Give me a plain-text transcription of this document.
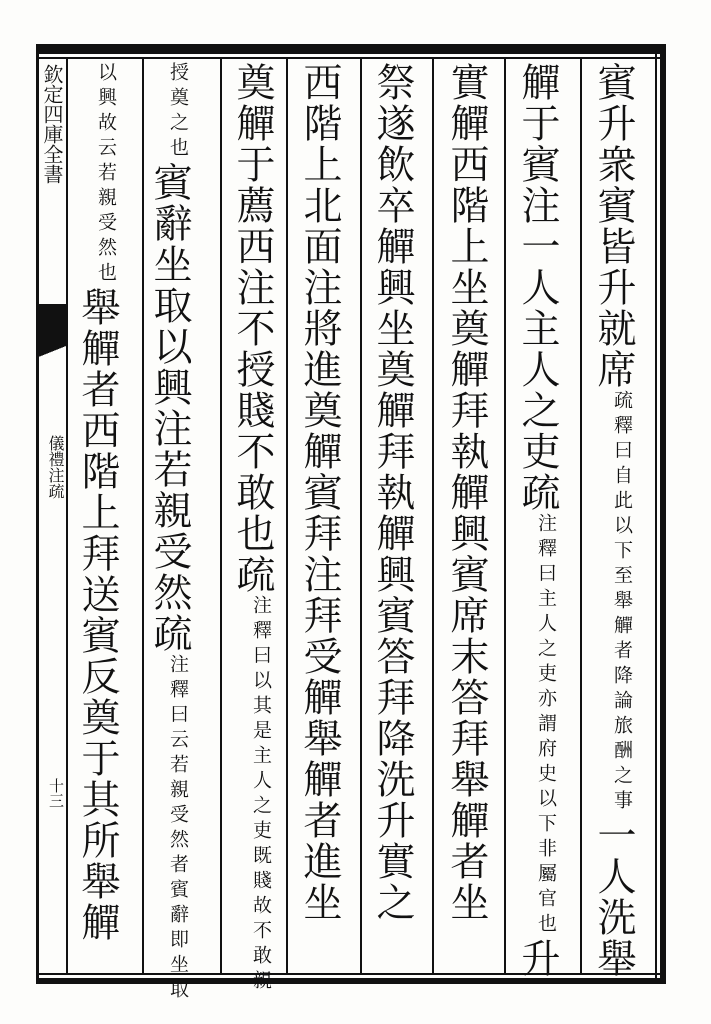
欽定四庫全書
儀禮注疏
十三
賓升衆賓皆升就席疏釋曰自此以下至舉觶者降論旅酬之事一人洗舉
觶于賓注一人主人之吏疏注釋曰主人之吏亦謂府史以下非屬官也升
實觶西階上坐奠觶拜執觶興賓席末答拜舉觶者坐
祭遂飲卒觶興坐奠觶拜執觶興賓答拜降洗升實之
西階上北面注將進奠觶賓拜注拜受觶舉觶者進坐
奠觶于薦西注不授賤不敢也疏注釋曰以其是主人之吏既賤故不敢親
授奠之也賓辭坐取以興注若親受然疏注釋曰云若親受然者賓辭即坐取
以興故云若親受然也舉觶者西階上拜送賓反奠于其所舉觶
